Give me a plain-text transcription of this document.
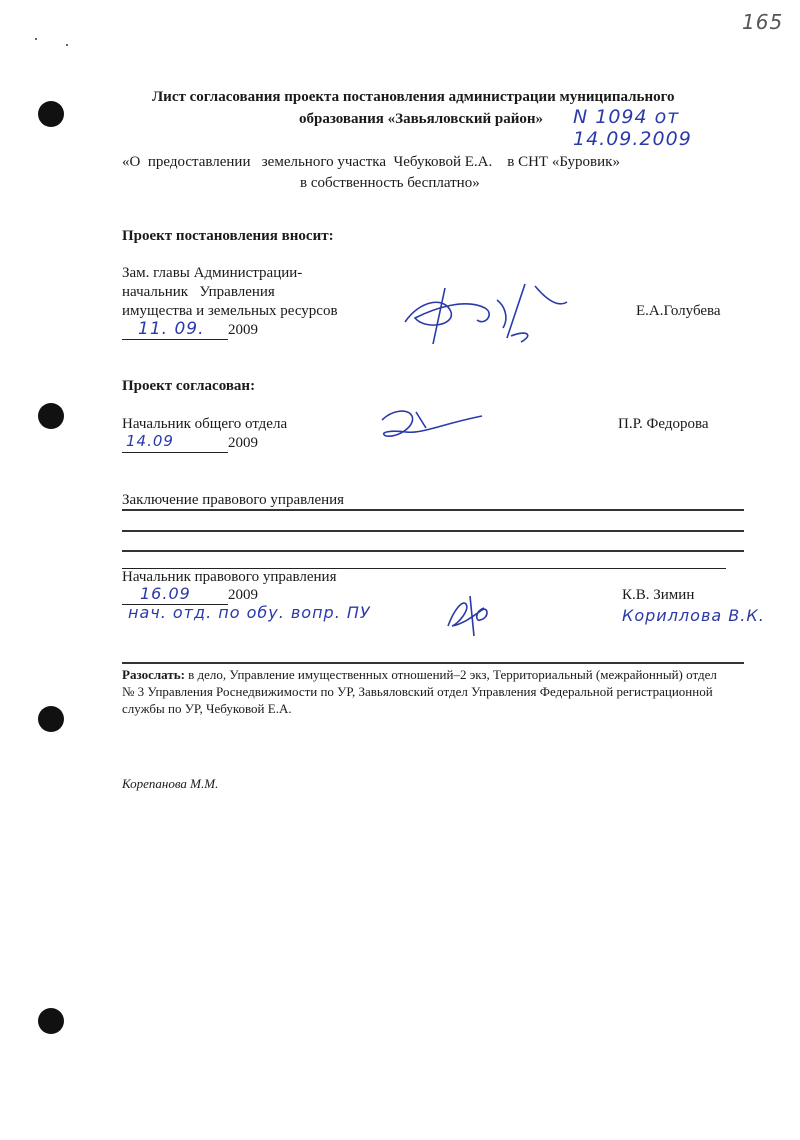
165
Лист согласования проекта постановления администрации муниципального
образования «Завьяловский район» N 1094 от 14.09.2009
«О  предоставлении   земельного участка  Чебуковой Е.А.    в СНТ «Буровик»
в собственность бесплатно»
Проект постановления вносит:
Зам. главы Администрации-
начальник   Управления
имущества и земельных ресурсов
11. 09. 2009
Е.А.Голубева
Проект согласован:
Начальник общего отдела
14.09	2009
П.Р. Федорова
Заключение правового управления
Начальник правового управления
16.09 2009
нач. отд. по обу. вопр. ПУ
К.В. Зимин
Кориллова В.К.
Разослать: в дело, Управление имущественных отношений–2 экз, Территориальный (межрайонный) отдел
№ 3 Управления Роснедвижимости по УР, Завьяловский отдел Управления Федеральной регистрационной
службы по УР, Чебуковой Е.А.
Корепанова М.М.
